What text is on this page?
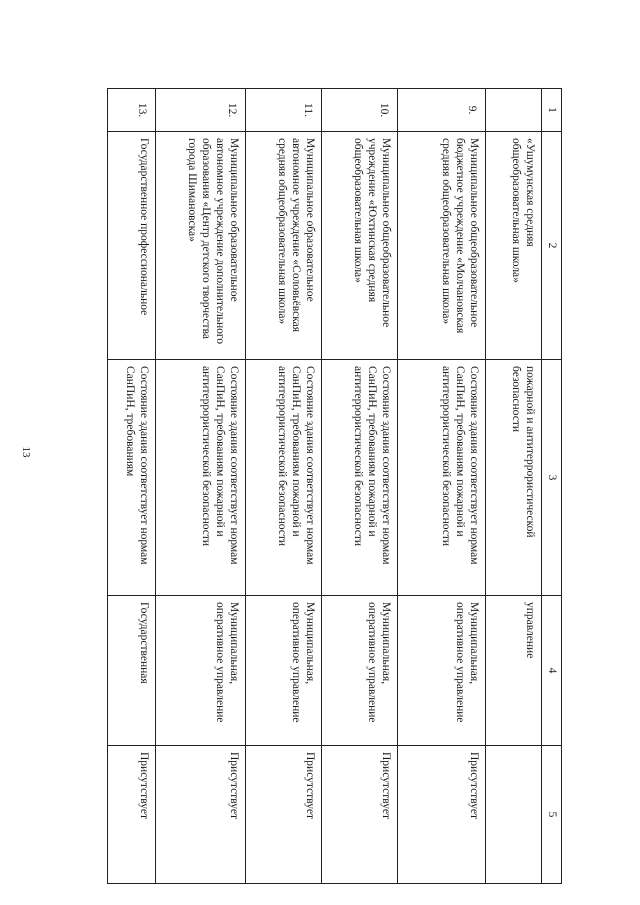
13
1	2	3	4	5
	«Ушумунская средняя общеобразовательная школа»	пожарной и антитеррористической безопасности	управление	
9.	Муниципальное общеобразовательное бюджетное учреждение «Молчановская средняя общеобразовательная школа»	Состояние здания соответствует нормам СанПиН, требованиям пожарной и антитеррористической безопасности	Муниципальная, оперативное управление	Присутствует
10.	Муниципальное общеобразовательное учреждение «Юхтинская средняя общеобразовательная школа»	Состояние здания соответствует нормам СанПиН, требованиям пожарной и антитеррористической безопасности	Муниципальная, оперативное управление	Присутствует
11.	Муниципальное образовательное автономное учреждение «Соловьёвская средняя общеобразовательная школа»	Состояние здания соответствует нормам СанПиН, требованиям пожарной и антитеррористической безопасности	Муниципальная, оперативное управление	Присутствует
12.	Муниципальное образовательное автономное учреждение дополнительного образования «Центр детского творчества города Шимановска»	Состояние здания соответствует нормам СанПиН, требованиям пожарной и антитеррористической безопасности	Муниципальная, оперативное управление	Присутствует
13.	Государственное профессиональное	Состояние здания соответствует нормам СанПиН, требованиям	Государственная	Присутствует
